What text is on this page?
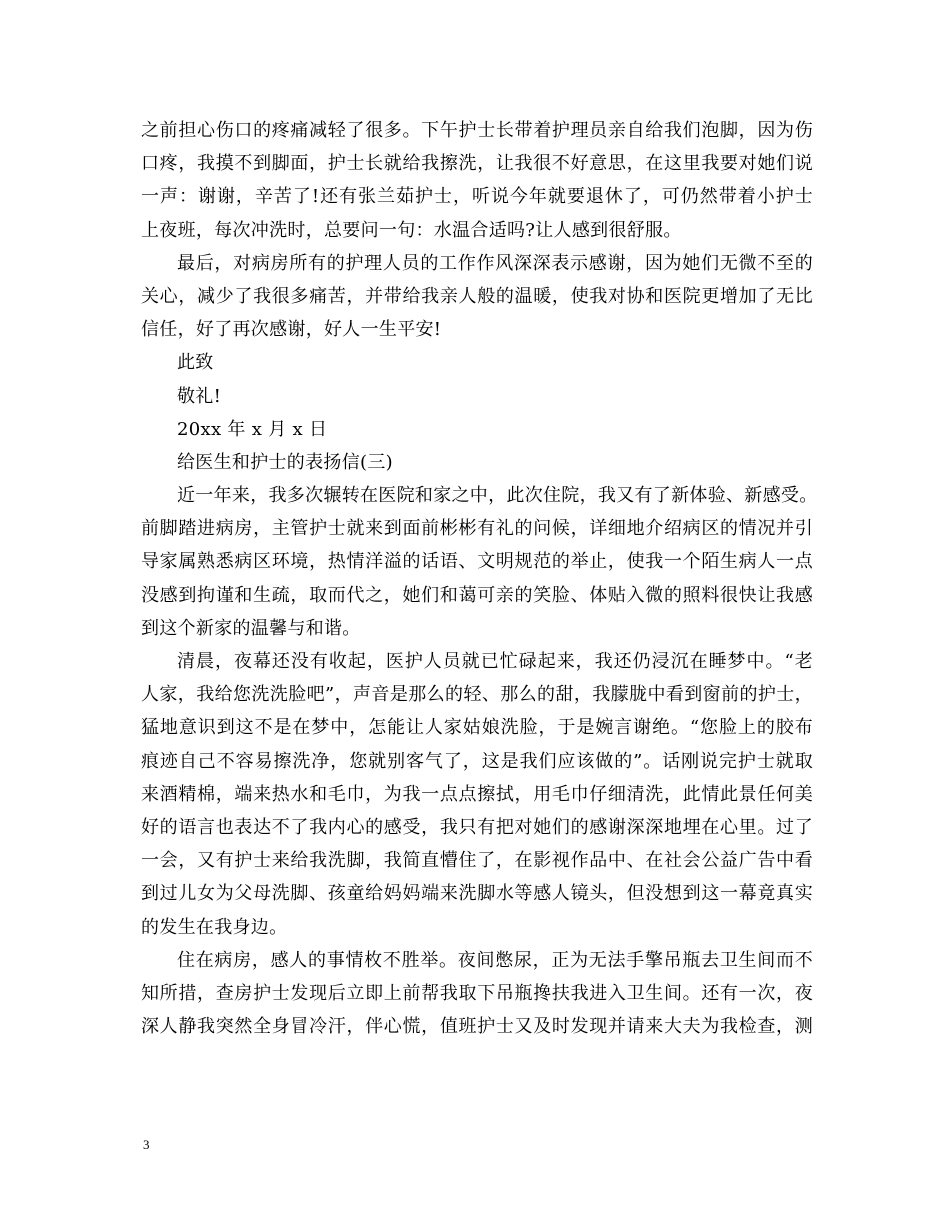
之前担心伤口的疼痛减轻了很多。下午护士长带着护理员亲自给我们泡脚，因为伤
口疼，我摸不到脚面，护士长就给我擦洗，让我很不好意思，在这里我要对她们说
一声：谢谢，辛苦了!还有张兰茹护士，听说今年就要退休了，可仍然带着小护士
上夜班，每次冲洗时，总要问一句：水温合适吗?让人感到很舒服。
最后，对病房所有的护理人员的工作作风深深表示感谢，因为她们无微不至的
关心，减少了我很多痛苦，并带给我亲人般的温暖，使我对协和医院更增加了无比
信任，好了再次感谢，好人一生平安!
此致
敬礼!
20xx 年 x 月 x 日
给医生和护士的表扬信(三)
近一年来，我多次辗转在医院和家之中，此次住院，我又有了新体验、新感受。
前脚踏进病房，主管护士就来到面前彬彬有礼的问候，详细地介绍病区的情况并引
导家属熟悉病区环境，热情洋溢的话语、文明规范的举止，使我一个陌生病人一点
没感到拘谨和生疏，取而代之，她们和蔼可亲的笑脸、体贴入微的照料很快让我感
到这个新家的温馨与和谐。
清晨，夜幕还没有收起，医护人员就已忙碌起来，我还仍浸沉在睡梦中。“老
人家，我给您洗洗脸吧”，声音是那么的轻、那么的甜，我朦胧中看到窗前的护士，
猛地意识到这不是在梦中，怎能让人家姑娘洗脸，于是婉言谢绝。“您脸上的胶布
痕迹自己不容易擦洗净，您就别客气了，这是我们应该做的”。话刚说完护士就取
来酒精棉，端来热水和毛巾，为我一点点擦拭，用毛巾仔细清洗，此情此景任何美
好的语言也表达不了我内心的感受，我只有把对她们的感谢深深地埋在心里。过了
一会，又有护士来给我洗脚，我简直懵住了，在影视作品中、在社会公益广告中看
到过儿女为父母洗脚、孩童给妈妈端来洗脚水等感人镜头，但没想到这一幕竟真实
的发生在我身边。
住在病房，感人的事情枚不胜举。夜间憋尿，正为无法手擎吊瓶去卫生间而不
知所措，查房护士发现后立即上前帮我取下吊瓶搀扶我进入卫生间。还有一次，夜
深人静我突然全身冒冷汗，伴心慌，值班护士又及时发现并请来大夫为我检查，测
3
